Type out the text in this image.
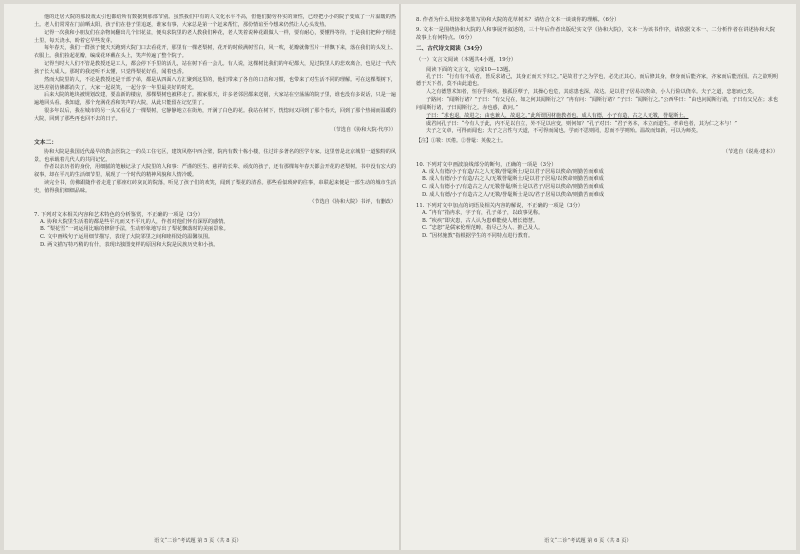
他的迁居大院的那段戏太引也都给所有数据到那部节别。虽然我们中有的人文化水平不高，但他们勤劳朴实的秉性，已经把小小的院子变成了一片温暖的热土。老人们常常在门前晒太阳，孩子们在巷子里追逐，谁家有事，大家总是第一个赶来帮忙，那份情谊至今想来仍然让人心头发热。

记得一次我和小朋友们在杂物间翻出几个旧花盆，便央求院里的老人教我们种花，老人笑着说种花跟做人一样，要有耐心，要懂得等待，于是我们把种子埋进土里，每天浇水，盼着它早些发芽。

每年春天，我们一群孩子便天天跑到大院门口去看花开，那里有一棵老梨树，花开的时候满树雪白，风一吹，花瓣就像雪片一样飘下来，落在我们的头发上、衣服上。我们捡起花瓣，编成花环戴在头上，笑声传遍了整个院子。

记得当时大人们不管是教授还是工人，都会停下手里的活儿，站在树下看一会儿。有人说，这棵树比我们的年纪都大，见过院里人的悲欢离合，也见过一代代孩子长大成人。那时的我还听不太懂，只觉得梨花好看，闻着也香。

然而大院里的人，不论是教授还是干部子弟，都是从四面八方汇聚到这里的，他们带来了各自的口音和习惯，也带来了对生活不同的理解。可在这棵梨树下，这些差别仿佛都消失了，大家一起说笑，一起分享一年里最美好的时光。

后来大院的地块被规划改建，要盖新的楼房，那棵梨树也被移走了。搬家那天，许多老邻居都来送别，大家站在空荡荡的院子里，谁也没有多说话，只是一遍遍地回头看。我知道，那个充满花香和笑声的大院，从此只能留在记忆里了。

很多年以后，我在城市的另一头又看见了一棵梨树，它静静地立在街角，开满了白色的花。我站在树下，恍惚间又回到了那个春天，回到了那个热闹而温暖的大院，回到了那些再也回不去的日子。

（节选自《协和大院·代序》）
文本二：

协和大院是我国近代最早的教会医院之一的员工住宅区，建筑风格中西合璧，院内有数十栋小楼，住过许多著名的医学专家。这里曾是北京城里一道独特的风景，也承载着几代人的共同记忆。

作者以亲历者的身份，用细腻的笔触记录了大院里的人和事：严谨的医生、慈祥的长辈、顽皮的孩子，还有那棵每年春天都会开花的老梨树。书中没有宏大的叙事，却在平凡的生活细节里，展现了一个时代的精神风貌和人情冷暖。

读完全书，仿佛跟随作者走进了那座红砖灰瓦的院落，听见了孩子们的欢笑，闻到了梨花的清香。那些看似琐碎的往事，串联起来便是一部生动的城市生活史，值得我们细细品味。

（节选自《协和大院》书评，有删改）
7. 下列对文本相关内容和艺术特色的分析鉴赏，不正确的一项是（3分）
A. 协和大院里生活着的都是些平凡而又不平凡的人，作者对他们怀有深厚的感情。
B. “梨花雪”一词运用比喻的修辞手法，生动形象地写出了梨花飘落时的美丽景象。
C. 文中画线句子运用细节描写，表现了大院邻里之间和睦相处的温馨氛围。
D. 两文描写特巧稍的有什，表现出独图变样的原因和大院是民族历史和小孩。
8. 作者为什么用较多笔墨写协和大院的花草树木？请结合文本一谈谈你的理解。（6分）
9. 文本一是围绕协和大院的人和事展开叙述的，三十年后作者出版纪实文学《协和大院》，文本一为该书作序，请依据文本一、二分析作者在讲述协和大院故事上有何特点。（6分）
二、古代诗文阅读（34分）
（一）文言文阅读（本题共4小题，19分）
阅读下面的文言文，完成10—13题。

孔子曰：“行有有不成者，皆反求诸己，其身正而天下归之。”是故君子之为学也，必先正其心，而后修其身，修身而后能齐家，齐家而后能治国。古之欲明明德于天下者，莫不由此道也。

人之有德慧术知者，恒存乎疢疾。独孤臣孽子，其操心也危，其虑患也深，故达。是以君子居易以俟命，小人行险以侥幸。夫子之道，忠恕而已矣。

子路问：“闻斯行诸？”子曰：“有父兄在，如之何其闻斯行之？”冉有问：“闻斯行诸？”子曰：“闻斯行之。”公西华曰：“由也问闻斯行诸，子曰有父兄在；求也问闻斯行诸，子曰闻斯行之。赤也惑，敢问。”

子曰：“求也退，故进之；由也兼人，故退之。”此所谓因材施教者也。成人有德，小子有造，古之人无斁，誉髦斯士。

虞君问孔子曰：“今有人于此，内不足以自立，外不足以应变，则何如？”孔子对曰：“君子务本，本立而道生。孝弟也者，其为仁之本与！”

夫子之文章，可得而闻也；夫子之言性与天道，不可得而闻也。学而不思则罔，思而不学则殆。温故而知新，可以为师矣。

【注】①斁：厌倦。②誉髦：英俊之士。
（节选自《说苑·建本》）
10. 下列对文中画波浪线部分的断句，正确的一项是（3分）
A. 成人有德/小子有造/古之人无斁/誉髦斯士/是以君子居易以俟命/则勤苦而难成
B. 成人有德/小子有造/古之人/无斁誉髦斯士/是以君子居易/以俟命则勤苦而难成
C. 成人有德小子/有造古之人/无斁誉髦/斯士是以君子/居易以俟命/则勤苦而难成
D. 成人有德/小子有造古之人/无斁/誉髦斯士是以/君子居易以俟命/则勤苦而难成
11. 下列对文中加点的词语及相关内容的解说，不正确的一项是（3分）
A. “冉有”指冉求，字子有，孔子弟子，以政事见称。
B. “疢疾”即灾患，古人认为患难能使人增长德慧。
C. “忠恕”是儒家伦理范畴，指尽己为人、推己及人。
D. “因材施教”指根据学生的不同特点进行教育。
语文“二诊”考试题 第 5 页（共 8 页）	语文“二诊”考试题 第 6 页（共 8 页）
